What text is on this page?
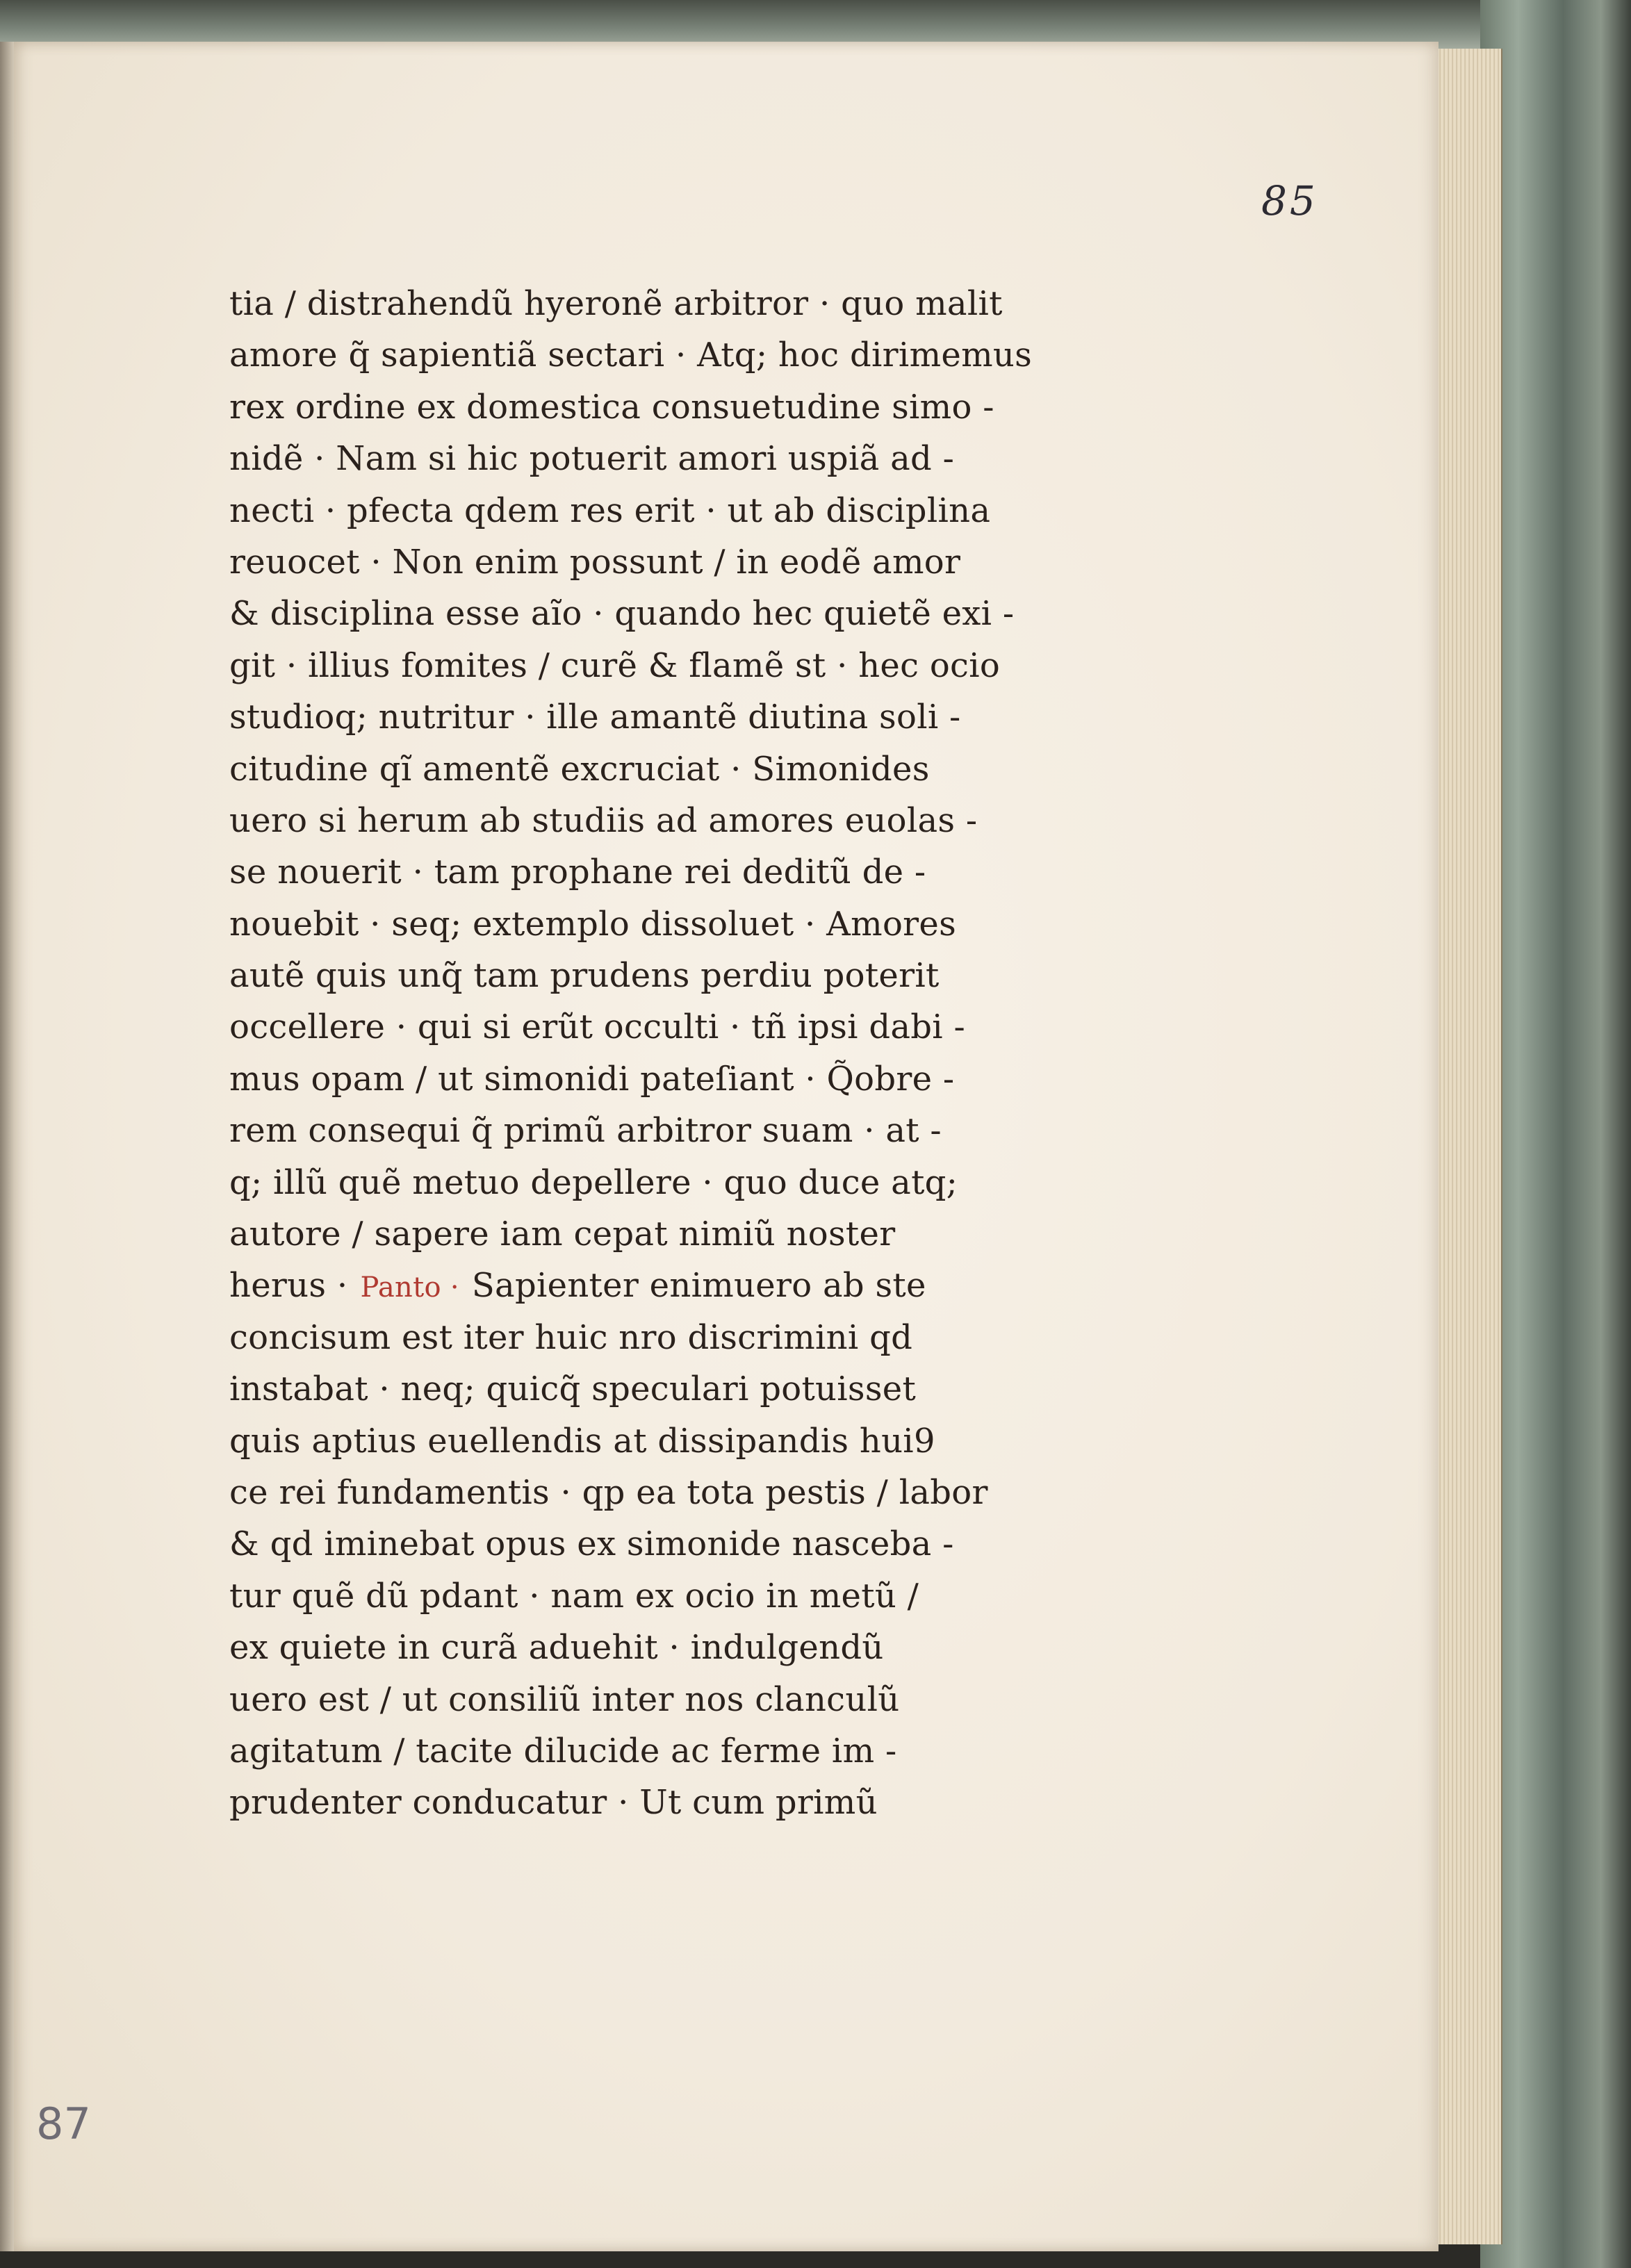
85
87
tia / distrahendũ hyeronẽ arbitror · quo malit
amore q̃ sapientiã sectari · Atq; hoc dirimemus
rex ordine ex domestica consuetudine simo -
nidẽ · Nam si hic potuerit amori uspiã ad -
necti · pfecta qdem res erit · ut ab disciplina
reuocet · Non enim possunt / in eodẽ amor
& disciplina esse aĩo · quando hec quietẽ exi -
git · illius fomites / curẽ & flamẽ st · hec ocio
studioq; nutritur · ille amantẽ diutina soli -
citudine qĩ amentẽ excruciat · Simonides
uero si herum ab studiis ad amores euolas -
se nouerit · tam prophane rei deditũ de -
nouebit · seq; extemplo dissoluet · Amores
autẽ quis unq̃ tam prudens perdiu poterit
occellere · qui si erũt occulti · tñ ipsi dabi -
mus opam / ut simonidi pateſiant · Q̃obre -
rem consequi q̃ primũ arbitror suam · at -
q; illũ quẽ metuo depellere · quo duce atq;
autore / sapere iam cepat nimiũ noster
herus · Panto · Sapienter enimuero ab ste
concisum est iter huic nro discrimini qd
instabat · neq; quicq̃ speculari potuisset
quis aptius euellendis at dissipandis hui9
ce rei fundamentis · qp ea tota pestis / labor
& qd iminebat opus ex simonide nasceba -
tur quẽ dũ pdant · nam ex ocio in metũ /
ex quiete in curã aduehit · indulgendũ
uero est / ut consiliũ inter nos clanculũ
agitatum / tacite dilucide ac ferme im -
prudenter conducatur · Ut cum primũ
